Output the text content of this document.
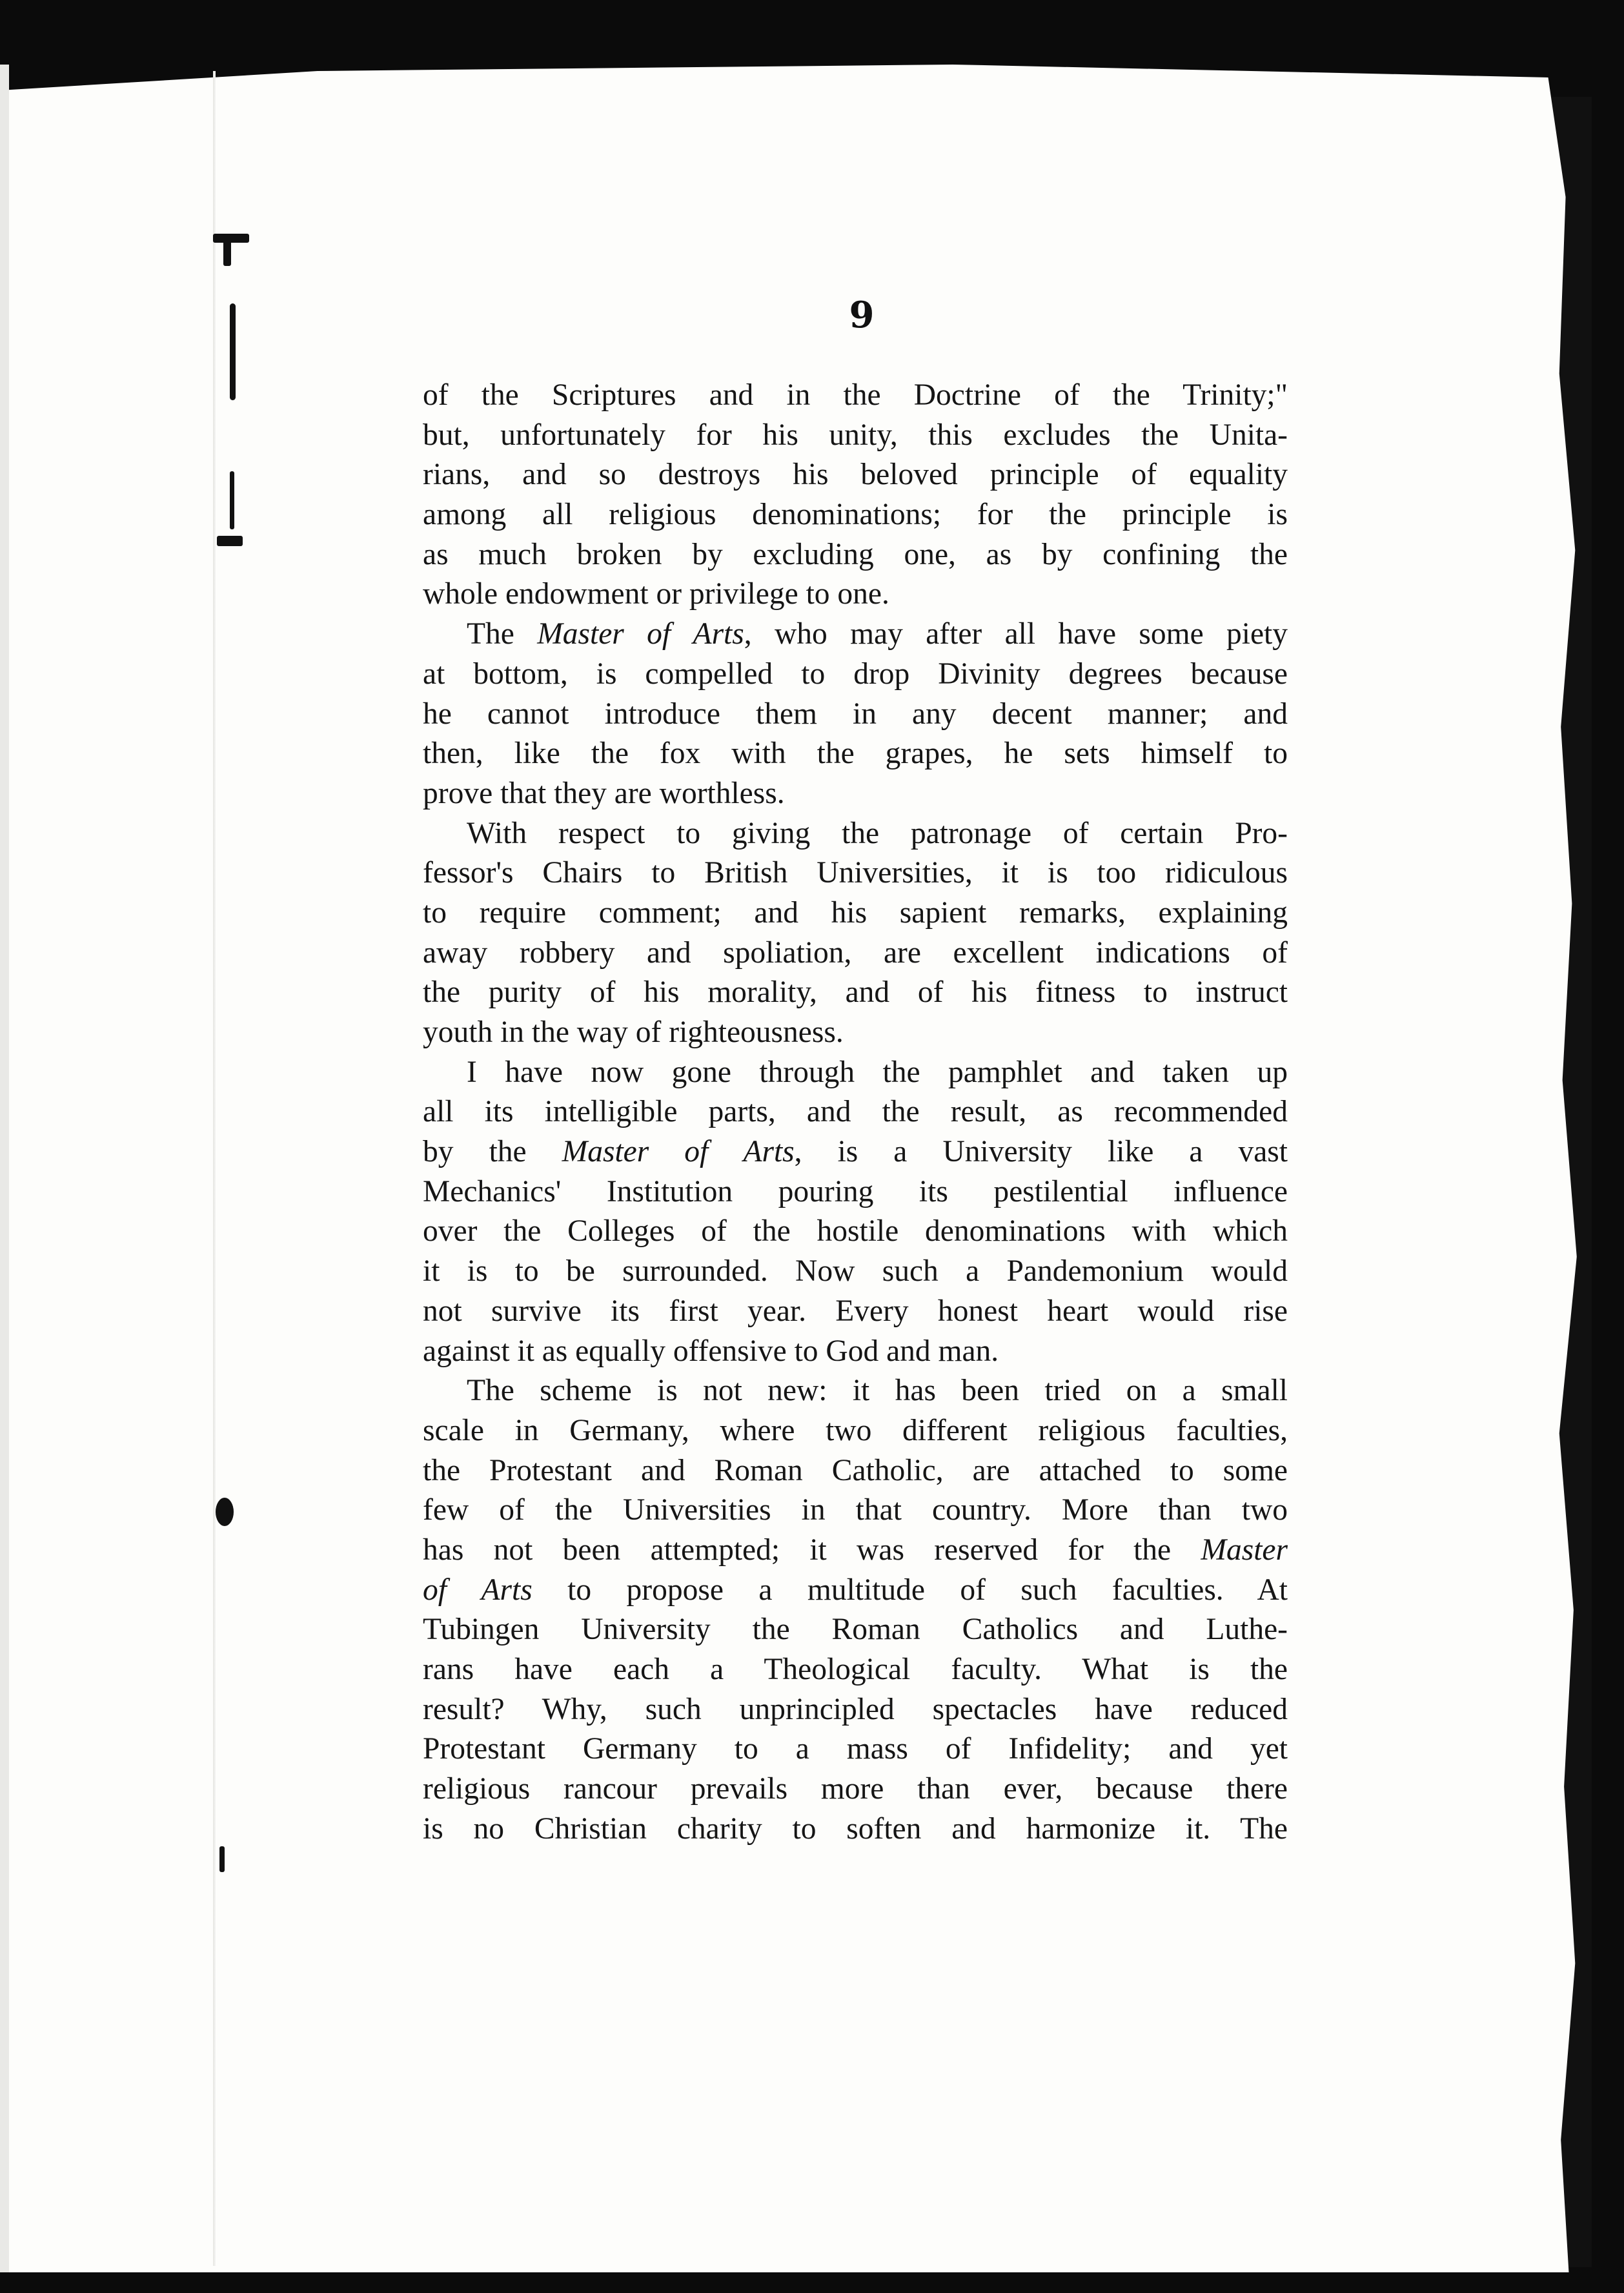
9
of the Scriptures and in the Doctrine of the Trinity;"
but, unfortunately for his unity, this excludes the Unita-
rians, and so destroys his beloved principle of equality
among all religious denominations; for the principle is
as much broken by excluding one, as by confining the
whole endowment or privilege to one.
The Master of Arts, who may after all have some piety
at bottom, is compelled to drop Divinity degrees because
he cannot introduce them in any decent manner; and
then, like the fox with the grapes, he sets himself to
prove that they are worthless.
With respect to giving the patronage of certain Pro-
fessor's Chairs to British Universities, it is too ridiculous
to require comment; and his sapient remarks, explaining
away robbery and spoliation, are excellent indications of
the purity of his morality, and of his fitness to instruct
youth in the way of righteousness.
I have now gone through the pamphlet and taken up
all its intelligible parts, and the result, as recommended
by the Master of Arts, is a University like a vast
Mechanics' Institution pouring its pestilential influence
over the Colleges of the hostile denominations with which
it is to be surrounded. Now such a Pandemonium would
not survive its first year. Every honest heart would rise
against it as equally offensive to God and man.
The scheme is not new: it has been tried on a small
scale in Germany, where two different religious faculties,
the Protestant and Roman Catholic, are attached to some
few of the Universities in that country. More than two
has not been attempted; it was reserved for the Master
of Arts to propose a multitude of such faculties. At
Tubingen University the Roman Catholics and Luthe-
rans have each a Theological faculty. What is the
result? Why, such unprincipled spectacles have reduced
Protestant Germany to a mass of Infidelity; and yet
religious rancour prevails more than ever, because there
is no Christian charity to soften and harmonize it. The
